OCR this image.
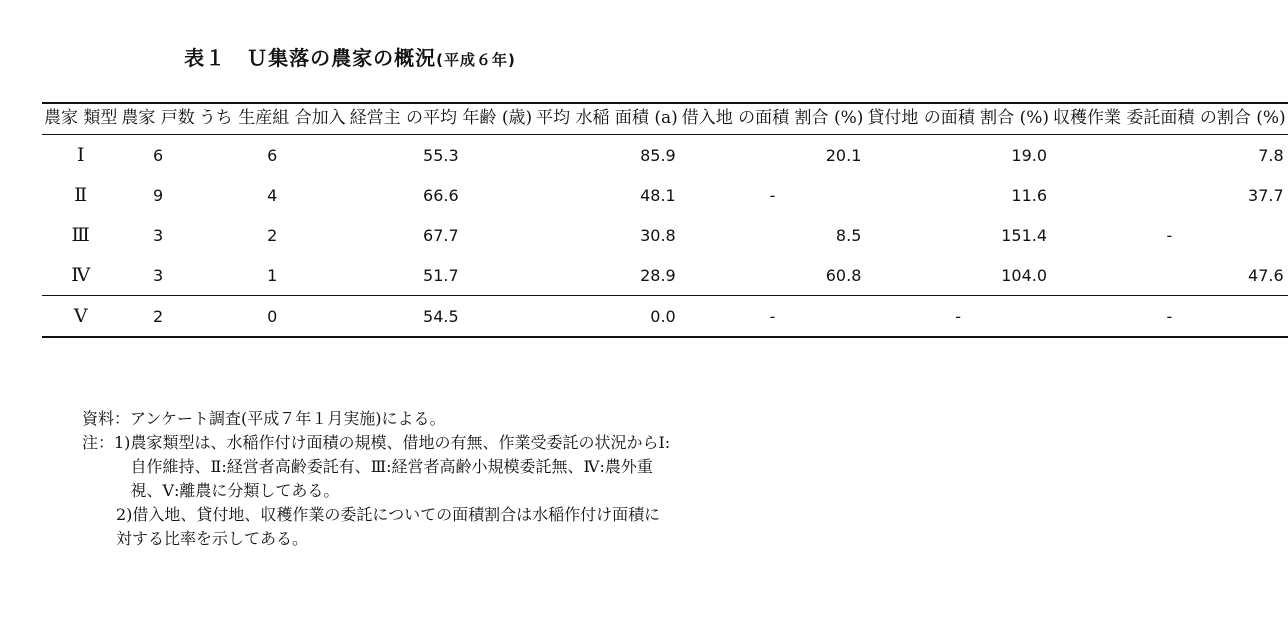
表１　Ｕ集落の農家の概況(平成６年)
農家 類型	農家 戸数	うち 生産組 合加入	経営主 の平均 年齢 (歳)	平均 水稲 面積 (a)	借入地 の面積 割合 (%)	貸付地 の面積 割合 (%)	収穫作業 委託面積 の割合 (%)
Ⅰ	6	6	55.3	85.9	20.1	19.0	7.8
Ⅱ	9	4	66.6	48.1	-	11.6	37.7
Ⅲ	3	2	67.7	30.8	8.5	151.4	-
Ⅳ	3	1	51.7	28.9	60.8	104.0	47.6
Ⅴ	2	0	54.5	0.0	-	-	-

資料：アンケート調査(平成７年１月実施)による。

注：1) 農家類型は、水稲作付け面積の規模、借地の有無、作業受委託の状況からⅠ:自作維持、Ⅱ:経営者高齢委託有、Ⅲ:経営者高齢小規模委託無、Ⅳ:農外重視、Ⅴ:離農に分類してある。

2)借入地、貸付地、収穫作業の委託についての面積割合は水稲作付け面積に対する比率を示してある。
